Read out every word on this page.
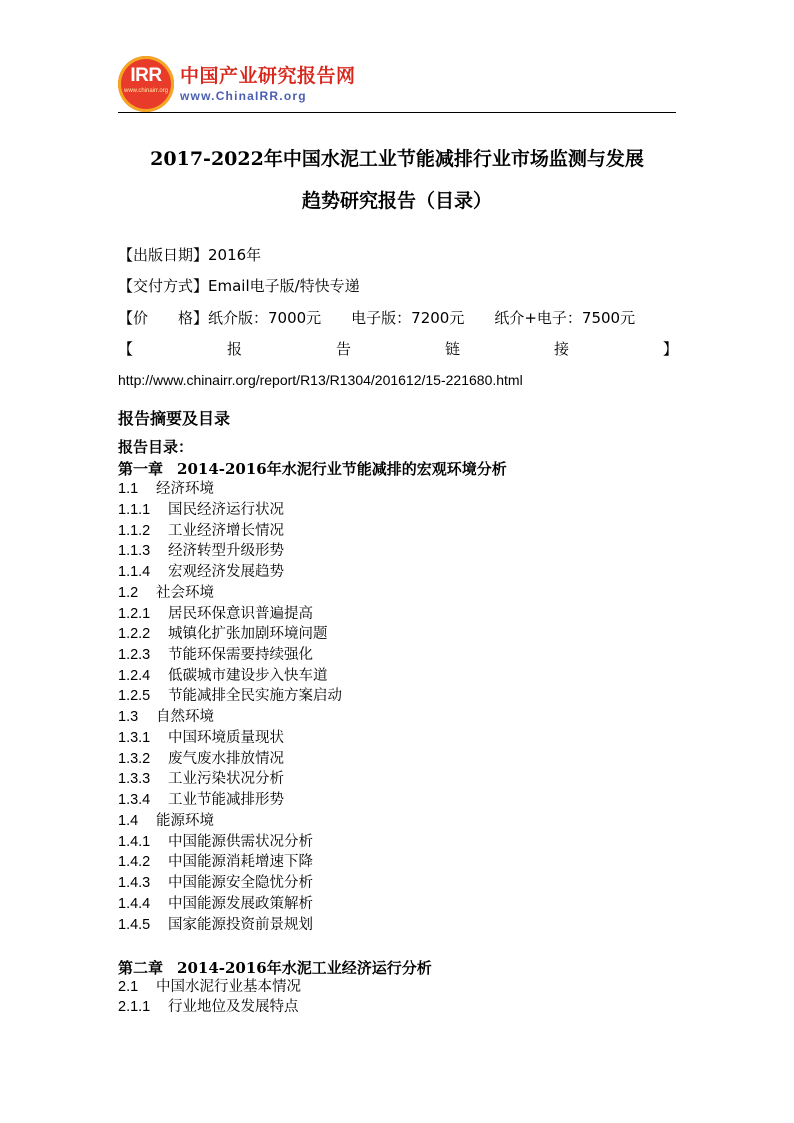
IRR
www.chinairr.org
中国产业研究报告网
www.ChinaIRR.org
2017-2022年中国水泥工业节能减排行业市场监测与发展
趋势研究报告（目录）
【出版日期】2016年
【交付方式】Email电子版/特快专递
【价　　格】纸介版：7000元　　电子版：7200元　　纸介+电子：7500元
【	报	告	链	接	】
http://www.chinairr.org/report/R13/R1304/201612/15-221680.html
报告摘要及目录
报告目录：
第一章 2014-2016年水泥行业节能减排的宏观环境分析
1.1 经济环境
1.1.1 国民经济运行状况
1.1.2 工业经济增长情况
1.1.3 经济转型升级形势
1.1.4 宏观经济发展趋势
1.2 社会环境
1.2.1 居民环保意识普遍提高
1.2.2 城镇化扩张加剧环境问题
1.2.3 节能环保需要持续强化
1.2.4 低碳城市建设步入快车道
1.2.5 节能减排全民实施方案启动
1.3 自然环境
1.3.1 中国环境质量现状
1.3.2 废气废水排放情况
1.3.3 工业污染状况分析
1.3.4 工业节能减排形势
1.4 能源环境
1.4.1 中国能源供需状况分析
1.4.2 中国能源消耗增速下降
1.4.3 中国能源安全隐忧分析
1.4.4 中国能源发展政策解析
1.4.5 国家能源投资前景规划
第二章 2014-2016年水泥工业经济运行分析
2.1 中国水泥行业基本情况
2.1.1 行业地位及发展特点
